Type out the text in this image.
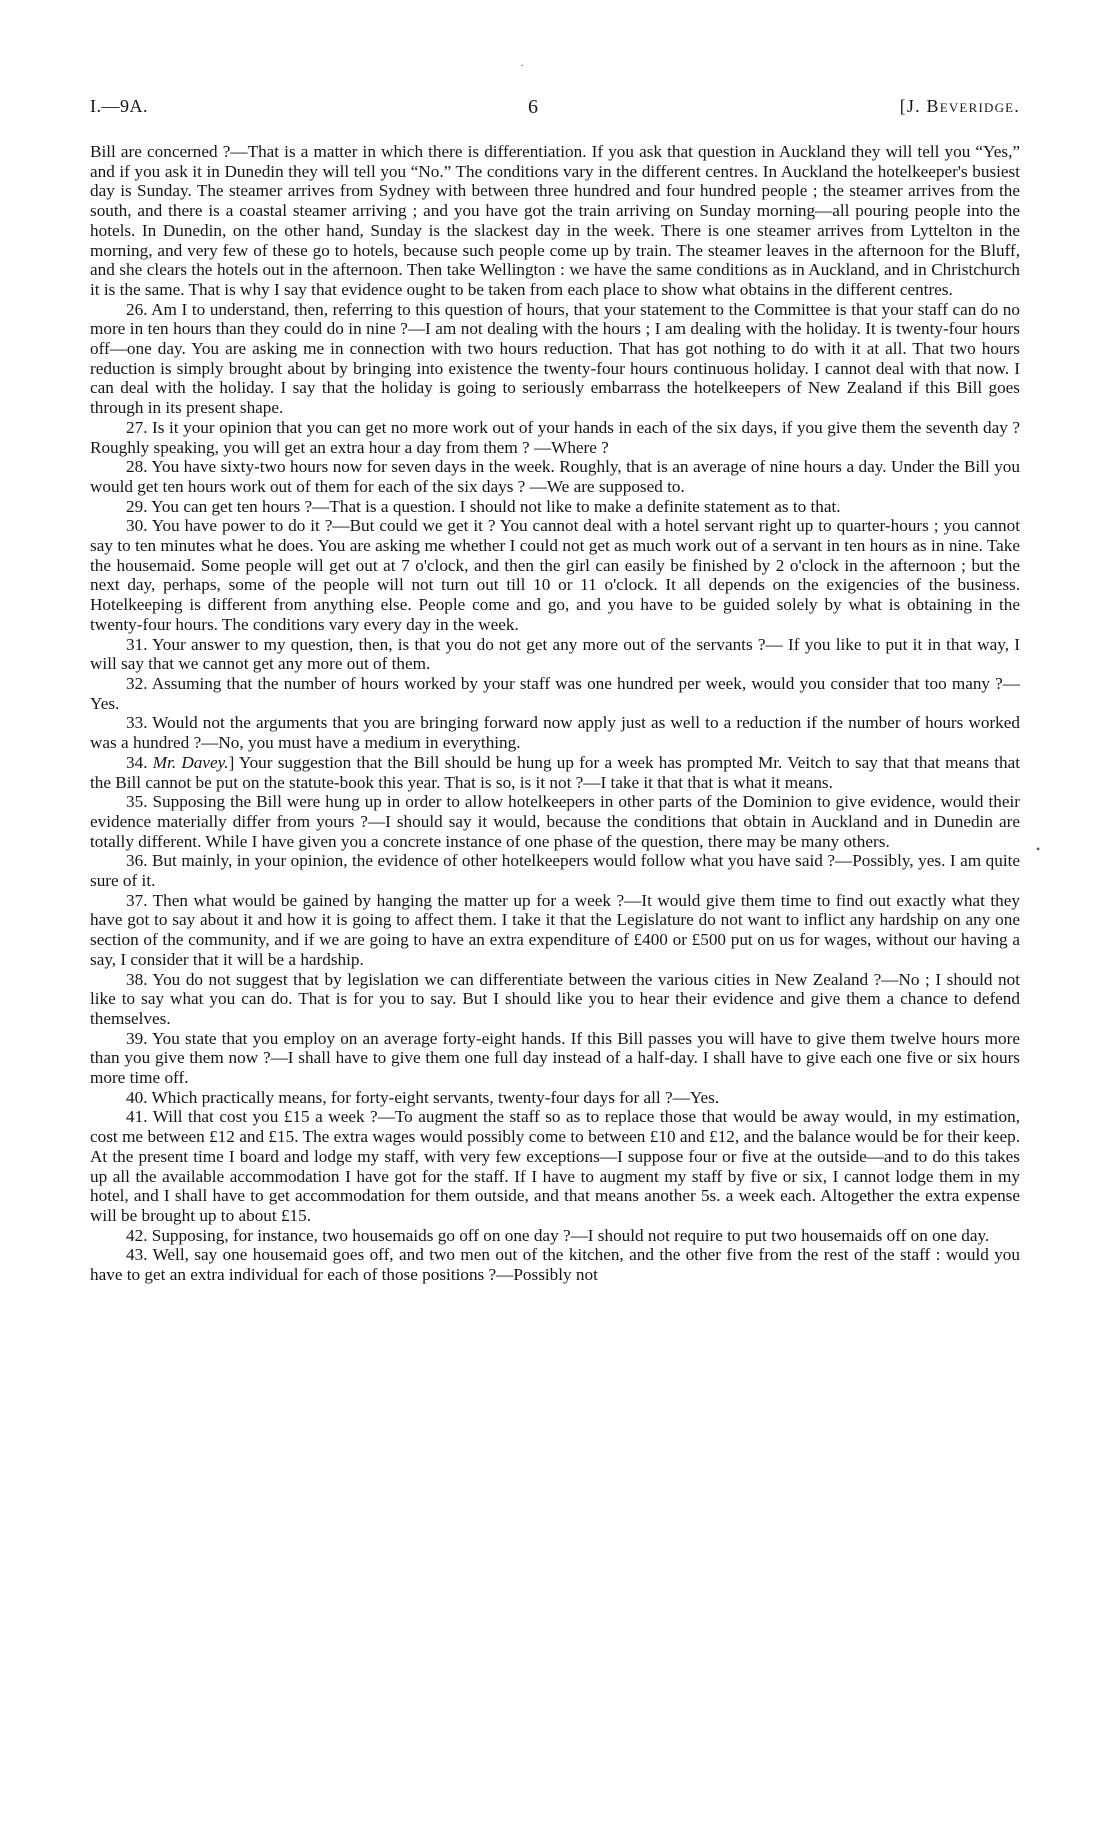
·
•
I.—9A.	6	[J. Beveridge.

Bill are concerned ?—That is a matter in which there is differentiation. If you ask that question in Auckland they will tell you “Yes,” and if you ask it in Dunedin they will tell you “No.” The conditions vary in the different centres. In Auckland the hotelkeeper's busiest day is Sunday. The steamer arrives from Sydney with between three hundred and four hundred people ; the steamer arrives from the south, and there is a coastal steamer arriving ; and you have got the train arriving on Sunday morning—all pouring people into the hotels. In Dunedin, on the other hand, Sunday is the slackest day in the week. There is one steamer arrives from Lyttelton in the morning, and very few of these go to hotels, because such people come up by train. The steamer leaves in the afternoon for the Bluff, and she clears the hotels out in the afternoon. Then take Wellington : we have the same conditions as in Auckland, and in Christchurch it is the same. That is why I say that evidence ought to be taken from each place to show what obtains in the different centres.

26. Am I to understand, then, referring to this question of hours, that your statement to the Committee is that your staff can do no more in ten hours than they could do in nine ?—I am not dealing with the hours ; I am dealing with the holiday. It is twenty-four hours off—one day. You are asking me in connection with two hours reduction. That has got nothing to do with it at all. That two hours reduction is simply brought about by bringing into existence the twenty-four hours continuous holiday. I cannot deal with that now. I can deal with the holiday. I say that the holiday is going to seriously embarrass the hotelkeepers of New Zealand if this Bill goes through in its present shape.

27. Is it your opinion that you can get no more work out of your hands in each of the six days, if you give them the seventh day ? Roughly speaking, you will get an extra hour a day from them ? —Where ?

28. You have sixty-two hours now for seven days in the week. Roughly, that is an average of nine hours a day. Under the Bill you would get ten hours work out of them for each of the six days ? —We are supposed to.

29. You can get ten hours ?—That is a question. I should not like to make a definite statement as to that.

30. You have power to do it ?—But could we get it ? You cannot deal with a hotel servant right up to quarter-hours ; you cannot say to ten minutes what he does. You are asking me whether I could not get as much work out of a servant in ten hours as in nine. Take the housemaid. Some people will get out at 7 o'clock, and then the girl can easily be finished by 2 o'clock in the afternoon ; but the next day, perhaps, some of the people will not turn out till 10 or 11 o'clock. It all depends on the exigencies of the business. Hotelkeeping is different from anything else. People come and go, and you have to be guided solely by what is obtaining in the twenty-four hours. The conditions vary every day in the week.

31. Your answer to my question, then, is that you do not get any more out of the servants ?— If you like to put it in that way, I will say that we cannot get any more out of them.

32. Assuming that the number of hours worked by your staff was one hundred per week, would you consider that too many ?—Yes.

33. Would not the arguments that you are bringing forward now apply just as well to a reduction if the number of hours worked was a hundred ?—No, you must have a medium in everything.

34. Mr. Davey.] Your suggestion that the Bill should be hung up for a week has prompted Mr. Veitch to say that that means that the Bill cannot be put on the statute-book this year. That is so, is it not ?—I take it that that is what it means.

35. Supposing the Bill were hung up in order to allow hotelkeepers in other parts of the Dominion to give evidence, would their evidence materially differ from yours ?—I should say it would, because the conditions that obtain in Auckland and in Dunedin are totally different. While I have given you a concrete instance of one phase of the question, there may be many others.

36. But mainly, in your opinion, the evidence of other hotelkeepers would follow what you have said ?—Possibly, yes. I am quite sure of it.

37. Then what would be gained by hanging the matter up for a week ?—It would give them time to find out exactly what they have got to say about it and how it is going to affect them. I take it that the Legislature do not want to inflict any hardship on any one section of the community, and if we are going to have an extra expenditure of £400 or £500 put on us for wages, without our having a say, I consider that it will be a hardship.

38. You do not suggest that by legislation we can differentiate between the various cities in New Zealand ?—No ; I should not like to say what you can do. That is for you to say. But I should like you to hear their evidence and give them a chance to defend themselves.

39. You state that you employ on an average forty-eight hands. If this Bill passes you will have to give them twelve hours more than you give them now ?—I shall have to give them one full day instead of a half-day. I shall have to give each one five or six hours more time off.

40. Which practically means, for forty-eight servants, twenty-four days for all ?—Yes.

41. Will that cost you £15 a week ?—To augment the staff so as to replace those that would be away would, in my estimation, cost me between £12 and £15. The extra wages would possibly come to between £10 and £12, and the balance would be for their keep. At the present time I board and lodge my staff, with very few exceptions—I suppose four or five at the outside—and to do this takes up all the available accommodation I have got for the staff. If I have to augment my staff by five or six, I cannot lodge them in my hotel, and I shall have to get accommodation for them outside, and that means another 5s. a week each. Altogether the extra expense will be brought up to about £15.

42. Supposing, for instance, two housemaids go off on one day ?—I should not require to put two housemaids off on one day.

43. Well, say one housemaid goes off, and two men out of the kitchen, and the other five from the rest of the staff : would you have to get an extra individual for each of those positions ?—Possibly not
